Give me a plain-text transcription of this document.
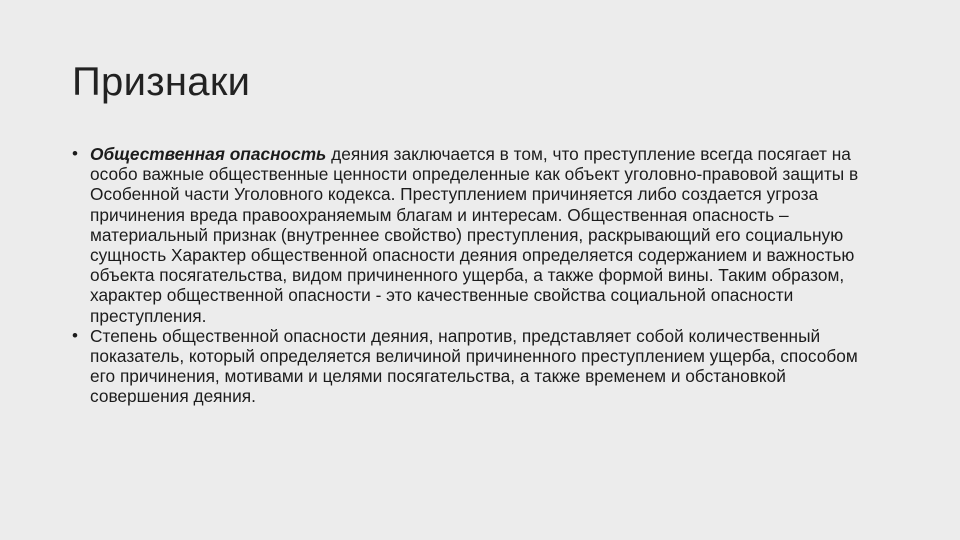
Признаки
• Общественная опасность деяния заключается в том, что преступление всегда посягает на особо важные общественные ценности определенные как объект уголовно-правовой защиты в Особенной части Уголовного кодекса. Преступлением причиняется либо создается угроза причинения вреда правоохраняемым благам и интересам. Общественная опасность – материальный признак (внутреннее свойство) преступления, раскрывающий его социальную сущность Характер общественной опасности деяния определяется содержанием и важностью объекта посягательства, видом причиненного ущерба, а также формой вины. Таким образом, характер общественной опасности - это качественные свойства социальной опасности преступления.
• Степень общественной опасности деяния, напротив, представляет собой количественный показатель, который определяется величиной причиненного преступлением ущерба, способом его причинения, мотивами и целями посягательства, а также временем и обстановкой совершения деяния.
